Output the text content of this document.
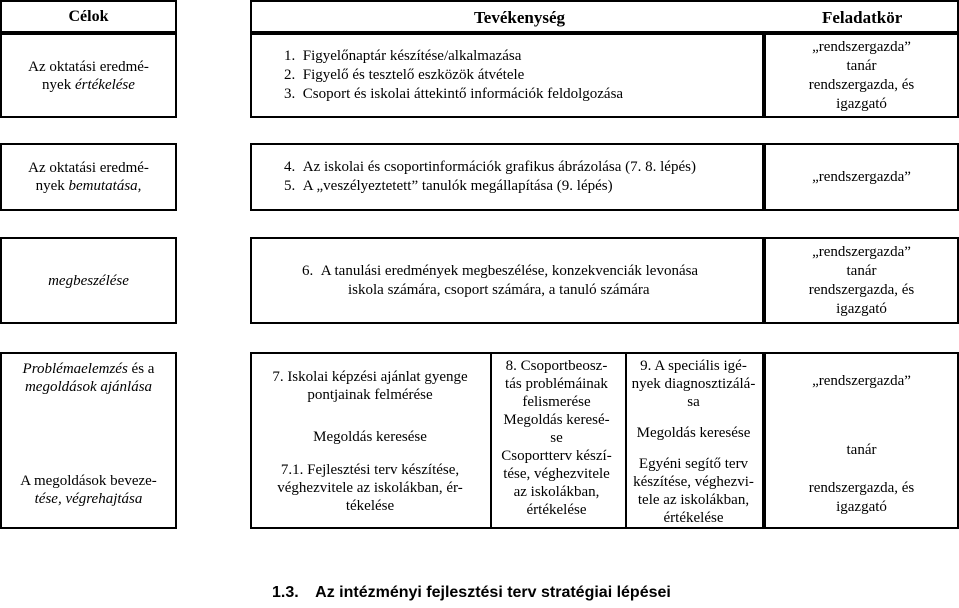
Célok	Tevékenység	Feladatkör
Az oktatási eredmé-
nyek értékelése
1.  Figyelőnaptár készítése/alkalmazása
2.  Figyelő és tesztelő eszközök átvétele
3.  Csoport és iskolai áttekintő információk feldolgozása
„rendszergazda”
tanár
rendszergazda, és
igazgató
Az oktatási eredmé-
nyek bemutatása,
4.  Az iskolai és csoportinformációk grafikus ábrázolása (7. 8. lépés)
5.  A „veszélyeztetett” tanulók megállapítása (9. lépés)
„rendszergazda”
megbeszélése
6.  A tanulási eredmények megbeszélése, konzekvenciák levonása
iskola számára, csoport számára, a tanuló számára
„rendszergazda”
tanár
rendszergazda, és
igazgató
Problémaelemzés és a
megoldások ajánlása
A megoldások beveze-
tése, végrehajtása
7. Iskolai képzési ajánlat gyenge
pontjainak felmérése
Megoldás keresése
7.1. Fejlesztési terv készítése,
véghezvitele az iskolákban, ér-
tékelése
8. Csoportbeosz-
tás problémáinak
felismerése
Megoldás keresé-
se
Csoportterv készí-
tése, véghezvitele
az iskolákban,
értékelése
9. A speciális igé-
nyek diagnosztizálá-
sa
Megoldás keresése
Egyéni segítő terv
készítése, véghezvi-
tele az iskolákban,
értékelése
„rendszergazda”
tanár
rendszergazda, és
igazgató
1.3. Az intézményi fejlesztési terv stratégiai lépései
